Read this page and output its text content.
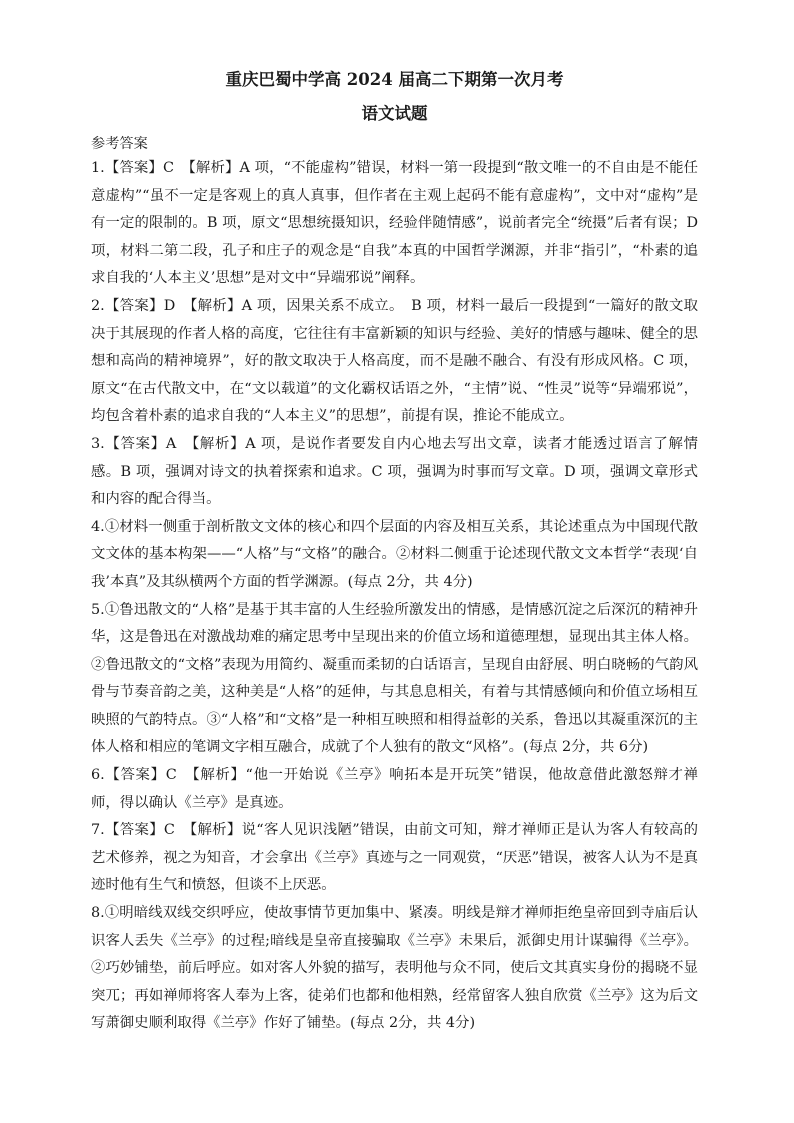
重庆巴蜀中学高 2024 届高二下期第一次月考
语文试题

参考答案

1.【答案】C　【解析】A 项，“不能虚构”错误，材料一第一段提到“散文唯一的不自由是不能任意虚构”“虽不一定是客观上的真人真事，但作者在主观上起码不能有意虚构”，文中对“虚构”是有一定的限制的。B 项，原文“思想统摄知识，经验伴随情感”，说前者完全“统摄”后者有误；D 项，材料二第二段，孔子和庄子的观念是“自我”本真的中国哲学渊源，并非“指引”，“朴素的追求自我的‘人本主义’思想”是对文中“异端邪说”阐释。

2.【答案】D　【解析】A 项，因果关系不成立。　B 项，材料一最后一段提到“一篇好的散文取决于其展现的作者人格的高度，它往往有丰富新颖的知识与经验、美好的情感与趣味、健全的思想和高尚的精神境界”，好的散文取决于人格高度，而不是融不融合、有没有形成风格。C 项，原文“在古代散文中，在“文以载道”的文化霸权话语之外，“主情”说、“性灵”说等“异端邪说”，均包含着朴素的追求自我的“人本主义”的思想”，前提有误，推论不能成立。

3.【答案】A　【解析】A 项，是说作者要发自内心地去写出文章，读者才能透过语言了解情感。B 项，强调对诗文的执着探索和追求。C 项，强调为时事而写文章。D 项，强调文章形式和内容的配合得当。

4.①材料一侧重于剖析散文文体的核心和四个层面的内容及相互关系，其论述重点为中国现代散文文体的基本构架——“人格”与“文格”的融合。②材料二侧重于论述现代散文文本哲学“表现‘自我’本真”及其纵横两个方面的哲学渊源。(每点 2分，共 4分)

5.①鲁迅散文的“人格”是基于其丰富的人生经验所激发出的情感，是情感沉淀之后深沉的精神升华，这是鲁迅在对激战劫难的痛定思考中呈现出来的价值立场和道德理想，显现出其主体人格。②鲁迅散文的“文格”表现为用简约、凝重而柔韧的白话语言，呈现自由舒展、明白晓畅的气韵风骨与节奏音韵之美，这种美是“人格”的延伸，与其息息相关，有着与其情感倾向和价值立场相互映照的气韵特点。③“人格”和“文格”是一种相互映照和相得益彰的关系，鲁迅以其凝重深沉的主体人格和相应的笔调文字相互融合，成就了个人独有的散文“风格”。(每点 2分，共 6分)

6.【答案】C　【解析】“他一开始说《兰亭》响拓本是开玩笑”错误，他故意借此激怒辩才禅师，得以确认《兰亭》是真迹。

7.【答案】C　【解析】说“客人见识浅陋”错误，由前文可知，辩才禅师正是认为客人有较高的艺术修养，视之为知音，才会拿出《兰亭》真迹与之一同观赏，“厌恶”错误，被客人认为不是真迹时他有生气和愤怒，但谈不上厌恶。

8.①明暗线双线交织呼应，使故事情节更加集中、紧凑。明线是辩才禅师拒绝皇帝回到寺庙后认识客人丢失《兰亭》的过程;暗线是皇帝直接骗取《兰亭》未果后，派御史用计谋骗得《兰亭》。②巧妙铺垫，前后呼应。如对客人外貌的描写，表明他与众不同，使后文其真实身份的揭晓不显突兀；再如禅师将客人奉为上客，徒弟们也都和他相熟，经常留客人独自欣赏《兰亭》这为后文写萧御史顺利取得《兰亭》作好了铺垫。(每点 2分，共 4分)
